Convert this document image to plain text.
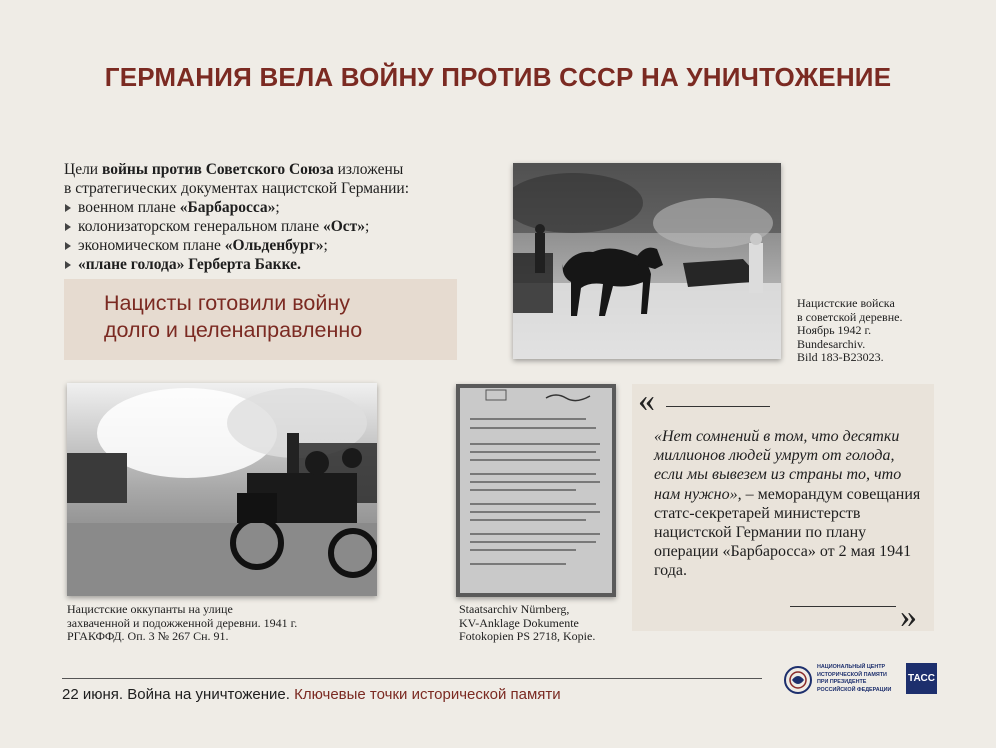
ГЕРМАНИЯ ВЕЛА ВОЙНУ ПРОТИВ СССР НА УНИЧТОЖЕНИЕ
Цели войны против Советского Союза изложены
в стратегических документах нацистской Германии:
военном плане «Барбаросса»;
колонизаторском генеральном плане «Ост»;
экономическом плане «Ольденбург»;
«плане голода» Герберта Бакке.
Нацисты готовили войну
долго и целенаправленно
Нацистские войска
в советской деревне.
Ноябрь 1942 г.
Bundesarchiv.
Bild 183-B23023.
Нацистские оккупанты на улице
захваченной и подожженной деревни. 1941 г.
РГАКФФД. Оп. 3 № 267 Сн. 91.
Staatsarchiv Nürnberg,
KV-Anklage Dokumente
Fotokopien PS 2718, Kopie.
«
«Нет сомнений в том, что десятки миллионов людей умрут от голода, если мы вывезем из страны то, что нам нужно», – меморандум совещания статс-секретарей министерств нацистской Германии по плану операции «Барбаросса» от 2 мая 1941 года.
»
22 июня. Война на уничтожение. Ключевые точки исторической памяти
НАЦИОНАЛЬНЫЙ ЦЕНТР
ИСТОРИЧЕСКОЙ ПАМЯТИ
ПРИ ПРЕЗИДЕНТЕ
РОССИЙСКОЙ ФЕДЕРАЦИИ
ТАСС
